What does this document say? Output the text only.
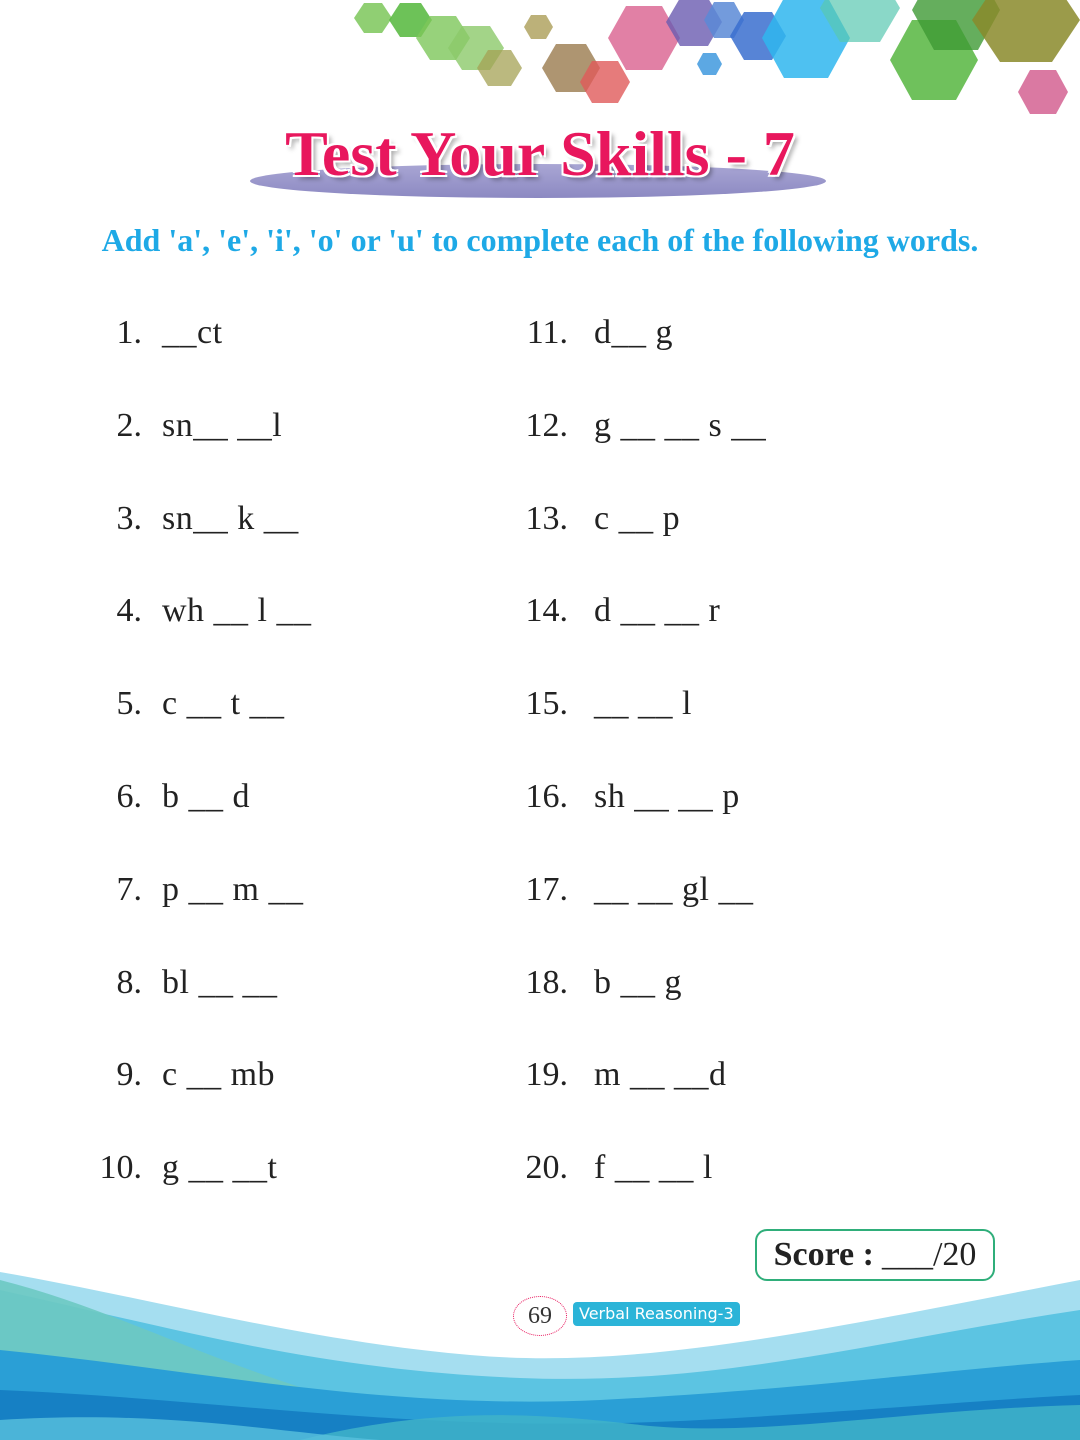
Test Your Skills - 7
Add 'a', 'e', 'i', 'o' or 'u' to complete each of the following words.
1. __ct
2. sn__ __l
3. sn__ k __
4. wh __ l __
5. c __ t __
6. b __ d
7. p __ m __
8. bl __ __
9. c __ mb
10. g __ __t
11. d__ g
12. g __ __ s __
13. c __ p
14. d __ __ r
15. __ __ l
16. sh __ __ p
17. __ __ gl __
18. b __ g
19. m __ __d
20. f __ __ l
Score : ___/20
69	Verbal Reasoning-3
